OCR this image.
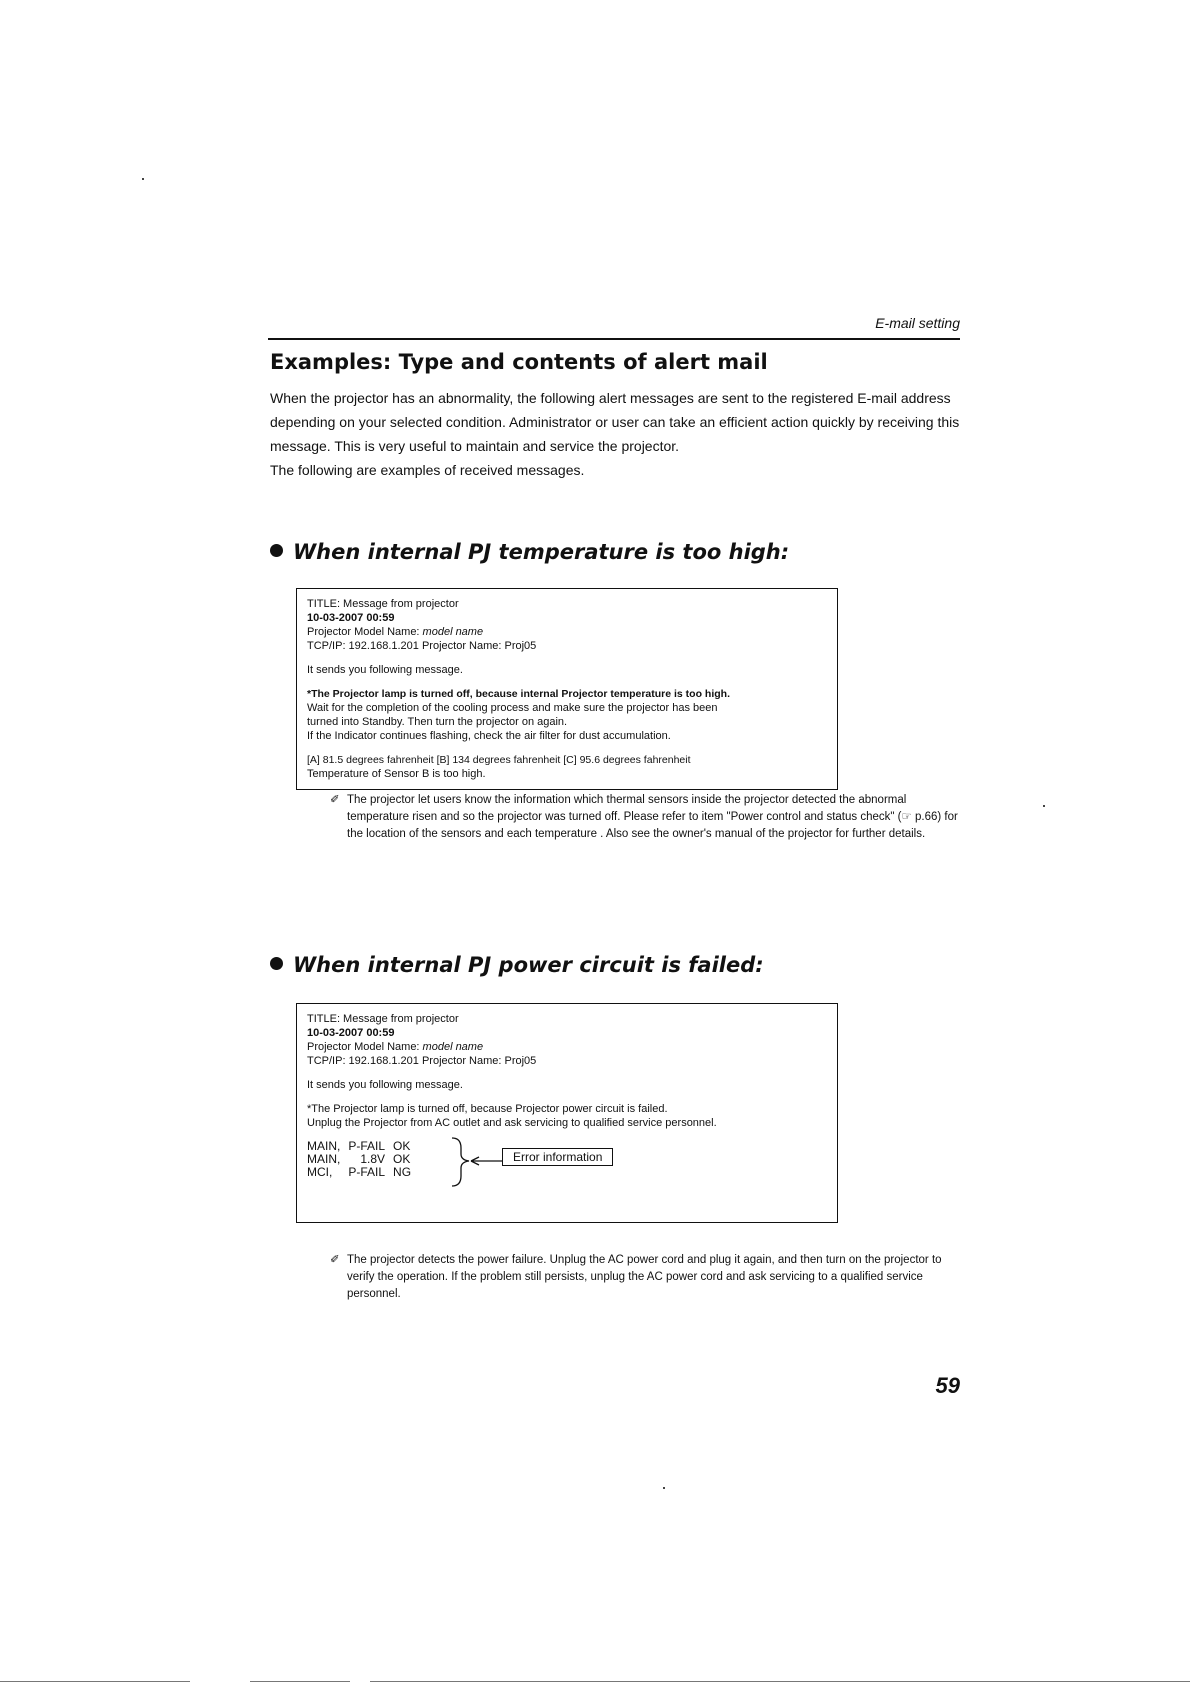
E-mail setting
Examples: Type and contents of alert mail

When the projector has an abnormality, the following alert messages are sent to the registered E-mail address depending on your selected condition. Administrator or user can take an efficient action quickly by receiving this message. This is very useful to maintain and service the projector.

The following are examples of received messages.

When internal PJ temperature is too high:
TITLE: Message from projector
10-03-2007 00:59
Projector Model Name: model name
TCP/IP: 192.168.1.201 Projector Name: Proj05
It sends you following message.
*The Projector lamp is turned off, because internal Projector temperature is too high.
Wait for the completion of the cooling process and make sure the projector has been
turned into Standby. Then turn the projector on again.
If the Indicator continues flashing, check the air filter for dust accumulation.
[A] 81.5 degrees fahrenheit [B] 134 degrees fahrenheit [C] 95.6 degrees fahrenheit
Temperature of Sensor B is too high.

✐ The projector let users know the information which thermal sensors inside the projector detected the abnormal temperature risen and so the projector was turned off. Please refer to item "Power control and status check" (☞ p.66) for the location of the sensors and each temperature . Also see the owner's manual of the projector for further details.

When internal PJ power circuit is failed:
TITLE: Message from projector
10-03-2007 00:59
Projector Model Name: model name
TCP/IP: 192.168.1.201 Projector Name: Proj05
It sends you following message.
*The Projector lamp is turned off, because Projector power circuit is failed.
Unplug the Projector from AC outlet and ask servicing to qualified service personnel.
MAIN,	P-FAIL	OK
MAIN,	1.8V	OK
MCI,	P-FAIL	NG
Error information

✐ The projector detects the power failure. Unplug the AC power cord and plug it again, and then turn on the projector to verify the operation. If the problem still persists, unplug the AC power cord and ask servicing to a qualified service personnel.

59
